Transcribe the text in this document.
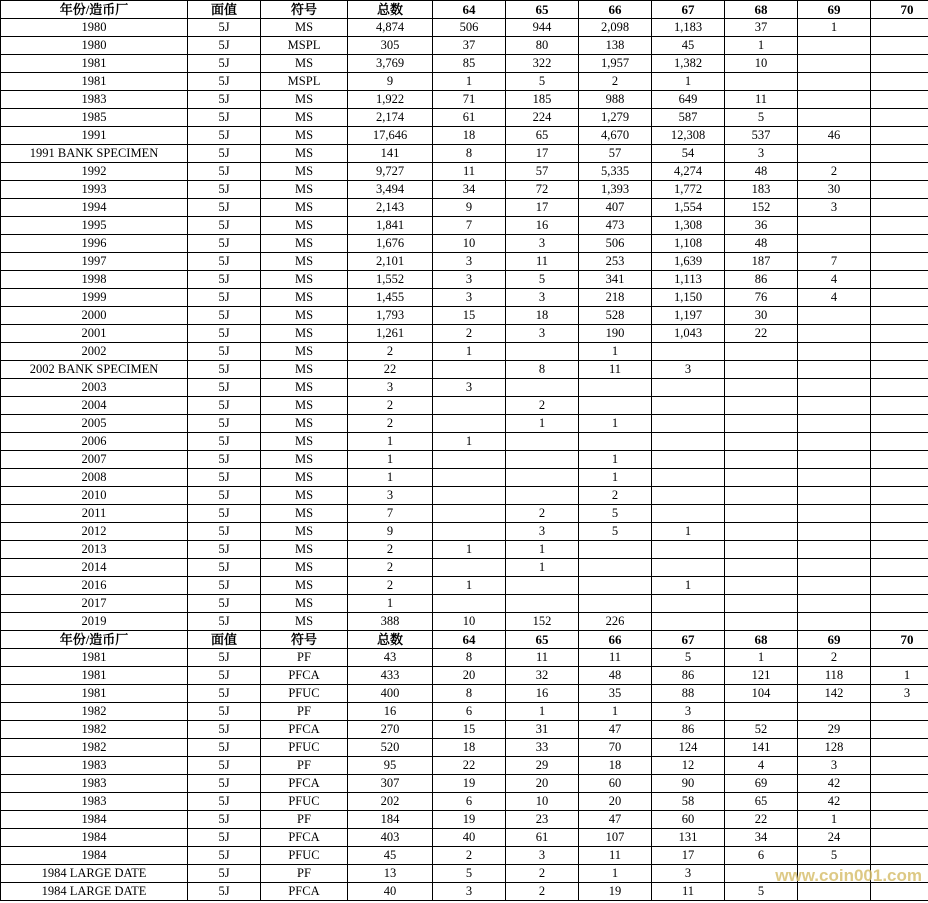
年份/造币厂	面值	符号	总数	64	65	66	67	68	69	70
1980	5J	MS	4,874	506	944	2,098	1,183	37	1	
1980	5J	MSPL	305	37	80	138	45	1		
1981	5J	MS	3,769	85	322	1,957	1,382	10		
1981	5J	MSPL	9	1	5	2	1			
1983	5J	MS	1,922	71	185	988	649	11		
1985	5J	MS	2,174	61	224	1,279	587	5		
1991	5J	MS	17,646	18	65	4,670	12,308	537	46	
1991 BANK SPECIMEN	5J	MS	141	8	17	57	54	3		
1992	5J	MS	9,727	11	57	5,335	4,274	48	2	
1993	5J	MS	3,494	34	72	1,393	1,772	183	30	
1994	5J	MS	2,143	9	17	407	1,554	152	3	
1995	5J	MS	1,841	7	16	473	1,308	36		
1996	5J	MS	1,676	10	3	506	1,108	48		
1997	5J	MS	2,101	3	11	253	1,639	187	7	
1998	5J	MS	1,552	3	5	341	1,113	86	4	
1999	5J	MS	1,455	3	3	218	1,150	76	4	
2000	5J	MS	1,793	15	18	528	1,197	30		
2001	5J	MS	1,261	2	3	190	1,043	22		
2002	5J	MS	2	1		1				
2002 BANK SPECIMEN	5J	MS	22		8	11	3			
2003	5J	MS	3	3						
2004	5J	MS	2		2					
2005	5J	MS	2		1	1				
2006	5J	MS	1	1						
2007	5J	MS	1			1				
2008	5J	MS	1			1				
2010	5J	MS	3			2				
2011	5J	MS	7		2	5				
2012	5J	MS	9		3	5	1			
2013	5J	MS	2	1	1					
2014	5J	MS	2		1					
2016	5J	MS	2	1			1			
2017	5J	MS	1							
2019	5J	MS	388	10	152	226				
年份/造币厂	面值	符号	总数	64	65	66	67	68	69	70
1981	5J	PF	43	8	11	11	5	1	2	
1981	5J	PFCA	433	20	32	48	86	121	118	1
1981	5J	PFUC	400	8	16	35	88	104	142	3
1982	5J	PF	16	6	1	1	3			
1982	5J	PFCA	270	15	31	47	86	52	29	
1982	5J	PFUC	520	18	33	70	124	141	128	
1983	5J	PF	95	22	29	18	12	4	3	
1983	5J	PFCA	307	19	20	60	90	69	42	
1983	5J	PFUC	202	6	10	20	58	65	42	
1984	5J	PF	184	19	23	47	60	22	1	
1984	5J	PFCA	403	40	61	107	131	34	24	
1984	5J	PFUC	45	2	3	11	17	6	5	
1984 LARGE DATE	5J	PF	13	5	2	1	3			
1984 LARGE DATE	5J	PFCA	40	3	2	19	11	5		
www.coin001.com
